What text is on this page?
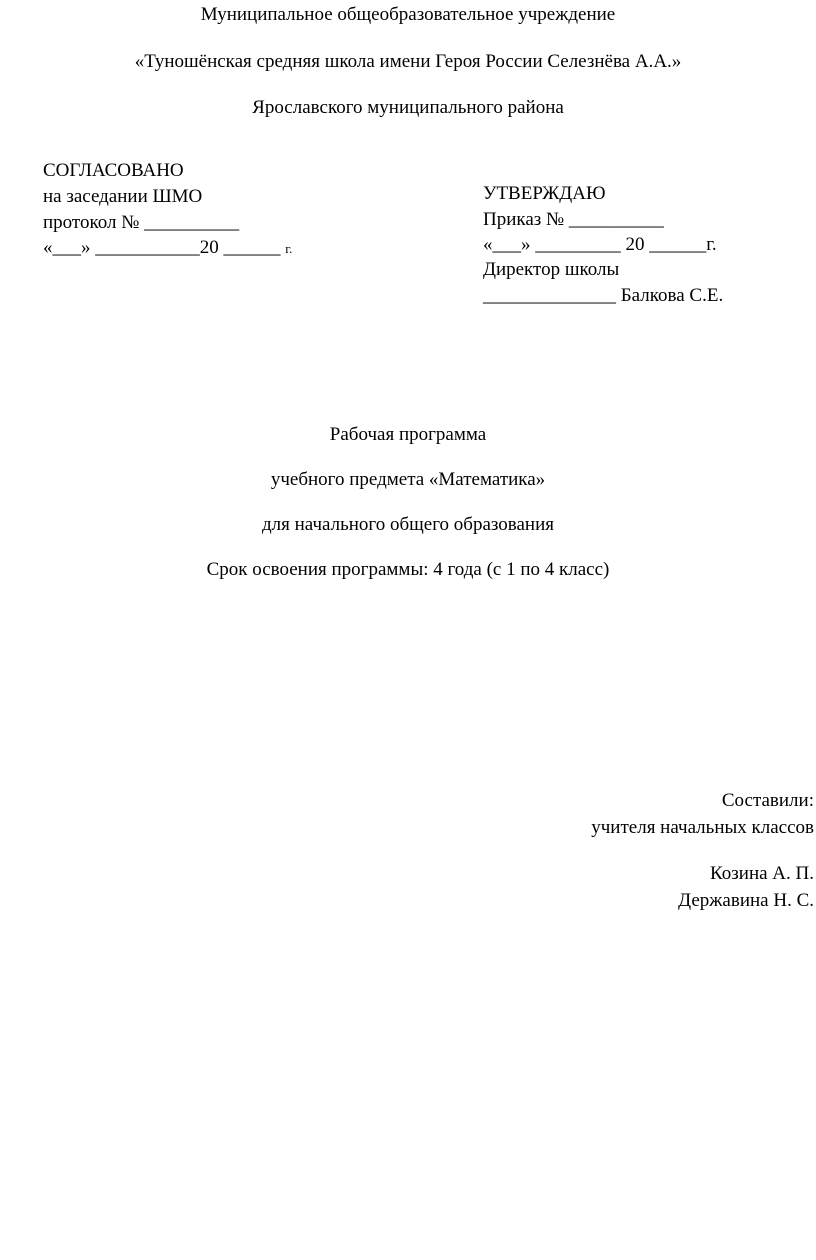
Муниципальное общеобразовательное учреждение
«Туношёнская средняя школа имени Героя России Селезнёва А.А.»
Ярославского муниципального района
СОГЛАСОВАНО
на заседании ШМО
протокол № __________
«___» ___________20 ______ г.
УТВЕРЖДАЮ
Приказ № __________
«___» _________ 20 ______г.
Директор школы
______________ Балкова С.Е.
Рабочая программа
учебного предмета «Математика»
для начального общего образования
Срок освоения программы: 4 года (с 1 по 4 класс)
Составили:
учителя начальных классов
Козина А. П.
Державина Н. С.
